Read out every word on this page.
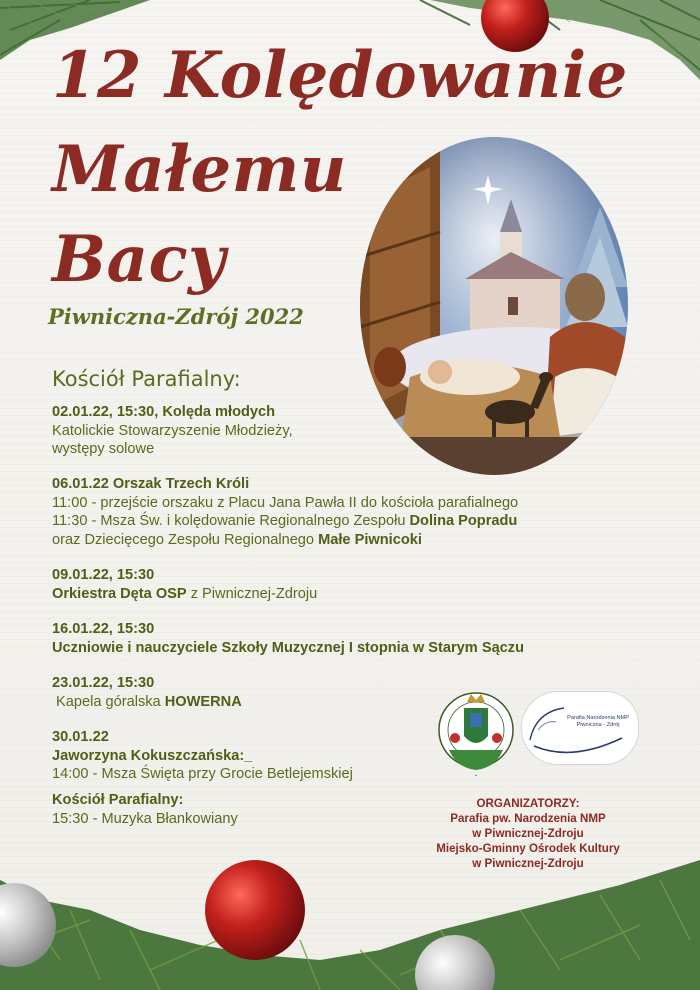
12 Kolędowanie
Małemu
Bacy
Piwniczna-Zdrój 2022
Kościół Parafialny:
02.01.22, 15:30, Kolęda młodych
Katolickie Stowarzyszenie Młodzieży,
występy solowe
06.01.22 Orszak Trzech Króli
11:00 - przejście orszaku z Placu Jana Pawła II do kościoła parafialnego
11:30 - Msza Św. i kolędowanie Regionalnego Zespołu Dolina Popradu
oraz Dziecięcego Zespołu Regionalnego Małe Piwnicoki
09.01.22, 15:30
Orkiestra Dęta OSP z Piwnicznej-Zdroju
16.01.22, 15:30
Uczniowie i nauczyciele Szkoły Muzycznej I stopnia w Starym Sączu
23.01.22, 15:30
Kapela góralska HOWERNA
30.01.22
Jaworzyna Kokuszczańska:_
14:00 - Msza Święta przy Grocie Betlejemskiej
Kościół Parafialny:
15:30 - Muzyka Błankowiany
•
Parafia Narodzenia NMP
Piwniczna - Zdrój
ORGANIZATORZY:
Parafia pw. Narodzenia NMP
w Piwnicznej-Zdroju
Miejsko-Gminny Ośrodek Kultury
w Piwnicznej-Zdroju
